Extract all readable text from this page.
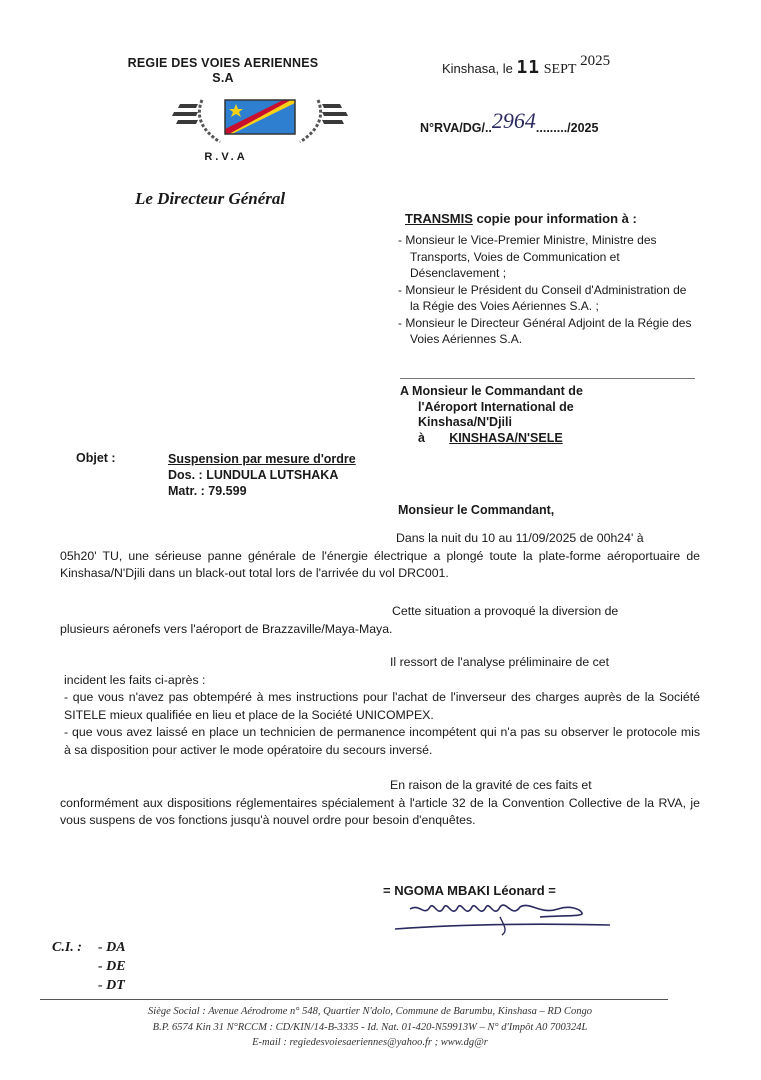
REGIE DES VOIES AERIENNES
S.A
R.V.A
Le Directeur Général
Kinshasa, le 11 SEPT 2025
N°RVA/DG/..2964........./2025
TRANSMIS copie pour information à :
- Monsieur le Vice-Premier Ministre, Ministre des Transports, Voies de Communication et Désenclavement ;
- Monsieur le Président du Conseil d'Administration de la Régie des Voies Aériennes S.A. ;
- Monsieur le Directeur Général Adjoint de la Régie des Voies Aériennes S.A.
A Monsieur le Commandant de
l'Aéroport International de
Kinshasa/N'Djili
à KINSHASA/N'SELE
Objet :	Suspension par mesure d'ordre
Dos. : LUNDULA LUTSHAKA
Matr. : 79.599
Monsieur le Commandant,
Dans la nuit du 10 au 11/09/2025 de 00h24' à
05h20' TU, une sérieuse panne générale de l'énergie électrique a plongé toute la plate-forme aéroportuaire de Kinshasa/N'Djili dans un black-out total lors de l'arrivée du vol DRC001.
Cette situation a provoqué la diversion de
plusieurs aéronefs vers l'aéroport de Brazzaville/Maya-Maya.
Il ressort de l'analyse préliminaire de cet
incident les faits ci-après :
- que vous n'avez pas obtempéré à mes instructions pour l'achat de l'inverseur des charges auprès de la Société SITELE mieux qualifiée en lieu et place de la Société UNICOMPEX.
- que vous avez laissé en place un technicien de permanence incompétent qui n'a pas su observer le protocole mis à sa disposition pour activer le mode opératoire du secours inversé.
En raison de la gravité de ces faits et
conformément aux dispositions réglementaires spécialement à l'article 32 de la Convention Collective de la RVA, je vous suspens de vos fonctions jusqu'à nouvel ordre pour besoin d'enquêtes.
= NGOMA MBAKI Léonard =
C.I. : - DA
- DE
- DT
Siège Social : Avenue Aérodrome n° 548, Quartier N'dolo, Commune de Barumbu, Kinshasa – RD Congo
B.P. 6574 Kin 31 N°RCCM : CD/KIN/14-B-3335 - Id. Nat. 01-420-N59913W – N° d'Impôt A0 700324L
E-mail : regiedesvoiesaeriennes@yahoo.fr ; www.dg@r
